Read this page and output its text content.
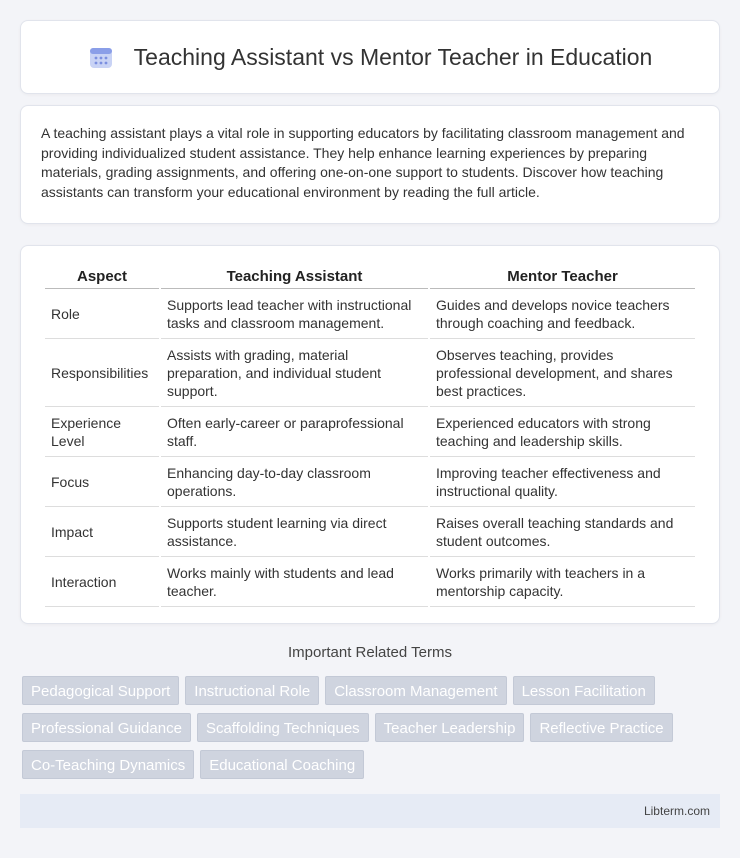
Teaching Assistant vs Mentor Teacher in Education
A teaching assistant plays a vital role in supporting educators by facilitating classroom management and providing individualized student assistance. They help enhance learning experiences by preparing materials, grading assignments, and offering one-on-one support to students. Discover how teaching assistants can transform your educational environment by reading the full article.
Aspect	Teaching Assistant	Mentor Teacher
Role	Supports lead teacher with instructional tasks and classroom management.	Guides and develops novice teachers through coaching and feedback.
Responsibilities	Assists with grading, material preparation, and individual student support.	Observes teaching, provides professional development, and shares best practices.
Experience Level	Often early-career or paraprofessional staff.	Experienced educators with strong teaching and leadership skills.
Focus	Enhancing day-to-day classroom operations.	Improving teacher effectiveness and instructional quality.
Impact	Supports student learning via direct assistance.	Raises overall teaching standards and student outcomes.
Interaction	Works mainly with students and lead teacher.	Works primarily with teachers in a mentorship capacity.
Important Related Terms
Pedagogical Support	Instructional Role	Classroom Management	Lesson Facilitation
Professional Guidance	Scaffolding Techniques	Teacher Leadership	Reflective Practice
Co-Teaching Dynamics	Educational Coaching
Libterm.com
